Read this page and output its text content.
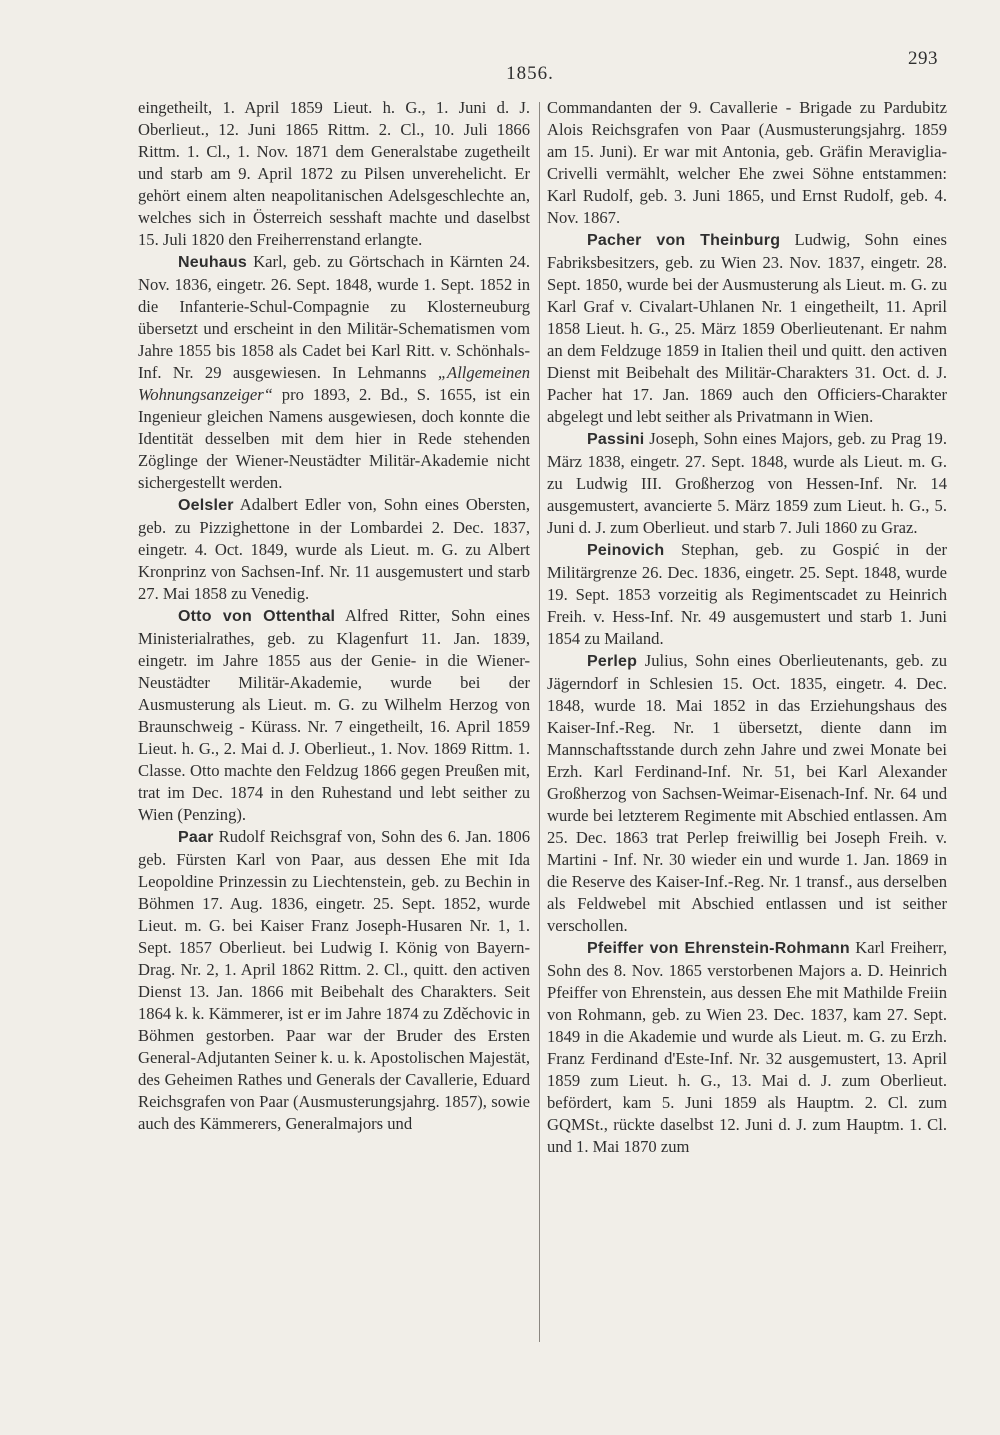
293
1856.

eingetheilt, 1. April 1859 Lieut. h. G., 1. Juni d. J. Oberlieut., 12. Juni 1865 Rittm. 2. Cl., 10. Juli 1866 Rittm. 1. Cl., 1. Nov. 1871 dem Generalstabe zugetheilt und starb am 9. April 1872 zu Pilsen unverehelicht. Er gehört einem alten neapolitanischen Adelsgeschlechte an, welches sich in Österreich sesshaft machte und daselbst 15. Juli 1820 den Freiherrenstand erlangte.

Neuhaus Karl, geb. zu Görtschach in Kärnten 24. Nov. 1836, eingetr. 26. Sept. 1848, wurde 1. Sept. 1852 in die Infanterie-Schul-Compagnie zu Klosterneuburg übersetzt und erscheint in den Militär-Schematismen vom Jahre 1855 bis 1858 als Cadet bei Karl Ritt. v. Schönhals-Inf. Nr. 29 ausgewiesen. In Lehmanns „Allgemeinen Wohnungsanzeiger“ pro 1893, 2. Bd., S. 1655, ist ein Ingenieur gleichen Namens ausgewiesen, doch konnte die Identität desselben mit dem hier in Rede stehenden Zöglinge der Wiener-Neustädter Militär-Akademie nicht sichergestellt werden.

Oelsler Adalbert Edler von, Sohn eines Obersten, geb. zu Pizzighettone in der Lombardei 2. Dec. 1837, eingetr. 4. Oct. 1849, wurde als Lieut. m. G. zu Albert Kronprinz von Sachsen-Inf. Nr. 11 ausgemustert und starb 27. Mai 1858 zu Venedig.

Otto von Ottenthal Alfred Ritter, Sohn eines Ministerialrathes, geb. zu Klagenfurt 11. Jan. 1839, eingetr. im Jahre 1855 aus der Genie- in die Wiener-Neustädter Militär-Akademie, wurde bei der Ausmusterung als Lieut. m. G. zu Wilhelm Herzog von Braunschweig - Kürass. Nr. 7 eingetheilt, 16. April 1859 Lieut. h. G., 2. Mai d. J. Oberlieut., 1. Nov. 1869 Rittm. 1. Classe. Otto machte den Feldzug 1866 gegen Preußen mit, trat im Dec. 1874 in den Ruhestand und lebt seither zu Wien (Penzing).

Paar Rudolf Reichsgraf von, Sohn des 6. Jan. 1806 geb. Fürsten Karl von Paar, aus dessen Ehe mit Ida Leopoldine Prinzessin zu Liechtenstein, geb. zu Bechin in Böhmen 17. Aug. 1836, eingetr. 25. Sept. 1852, wurde Lieut. m. G. bei Kaiser Franz Joseph-Husaren Nr. 1, 1. Sept. 1857 Oberlieut. bei Ludwig I. König von Bayern-Drag. Nr. 2, 1. April 1862 Rittm. 2. Cl., quitt. den activen Dienst 13. Jan. 1866 mit Beibehalt des Charakters. Seit 1864 k. k. Kämmerer, ist er im Jahre 1874 zu Zděchovic in Böhmen gestorben. Paar war der Bruder des Ersten General-Adjutanten Seiner k. u. k. Apostolischen Majestät, des Geheimen Rathes und Generals der Cavallerie, Eduard Reichsgrafen von Paar (Ausmusterungsjahrg. 1857), sowie auch des Kämmerers, Generalmajors und

Commandanten der 9. Cavallerie - Brigade zu Pardubitz Alois Reichsgrafen von Paar (Ausmusterungsjahrg. 1859 am 15. Juni). Er war mit Antonia, geb. Gräfin Meraviglia-Crivelli vermählt, welcher Ehe zwei Söhne entstammen: Karl Rudolf, geb. 3. Juni 1865, und Ernst Rudolf, geb. 4. Nov. 1867.

Pacher von Theinburg Ludwig, Sohn eines Fabriksbesitzers, geb. zu Wien 23. Nov. 1837, eingetr. 28. Sept. 1850, wurde bei der Ausmusterung als Lieut. m. G. zu Karl Graf v. Civalart-Uhlanen Nr. 1 eingetheilt, 11. April 1858 Lieut. h. G., 25. März 1859 Oberlieutenant. Er nahm an dem Feldzuge 1859 in Italien theil und quitt. den activen Dienst mit Beibehalt des Militär-Charakters 31. Oct. d. J. Pacher hat 17. Jan. 1869 auch den Officiers-Charakter abgelegt und lebt seither als Privatmann in Wien.

Passini Joseph, Sohn eines Majors, geb. zu Prag 19. März 1838, eingetr. 27. Sept. 1848, wurde als Lieut. m. G. zu Ludwig III. Großherzog von Hessen-Inf. Nr. 14 ausgemustert, avancierte 5. März 1859 zum Lieut. h. G., 5. Juni d. J. zum Oberlieut. und starb 7. Juli 1860 zu Graz.

Peinovich Stephan, geb. zu Gospić in der Militärgrenze 26. Dec. 1836, eingetr. 25. Sept. 1848, wurde 19. Sept. 1853 vorzeitig als Regimentscadet zu Heinrich Freih. v. Hess-Inf. Nr. 49 ausgemustert und starb 1. Juni 1854 zu Mailand.

Perlep Julius, Sohn eines Oberlieutenants, geb. zu Jägerndorf in Schlesien 15. Oct. 1835, eingetr. 4. Dec. 1848, wurde 18. Mai 1852 in das Erziehungshaus des Kaiser-Inf.-Reg. Nr. 1 übersetzt, diente dann im Mannschaftsstande durch zehn Jahre und zwei Monate bei Erzh. Karl Ferdinand-Inf. Nr. 51, bei Karl Alexander Großherzog von Sachsen-Weimar-Eisenach-Inf. Nr. 64 und wurde bei letzterem Regimente mit Abschied entlassen. Am 25. Dec. 1863 trat Perlep freiwillig bei Joseph Freih. v. Martini - Inf. Nr. 30 wieder ein und wurde 1. Jan. 1869 in die Reserve des Kaiser-Inf.-Reg. Nr. 1 transf., aus derselben als Feldwebel mit Abschied entlassen und ist seither verschollen.

Pfeiffer von Ehrenstein-Rohmann Karl Freiherr, Sohn des 8. Nov. 1865 verstorbenen Majors a. D. Heinrich Pfeiffer von Ehrenstein, aus dessen Ehe mit Mathilde Freiin von Rohmann, geb. zu Wien 23. Dec. 1837, kam 27. Sept. 1849 in die Akademie und wurde als Lieut. m. G. zu Erzh. Franz Ferdinand d'Este-Inf. Nr. 32 ausgemustert, 13. April 1859 zum Lieut. h. G., 13. Mai d. J. zum Oberlieut. befördert, kam 5. Juni 1859 als Hauptm. 2. Cl. zum GQMSt., rückte daselbst 12. Juni d. J. zum Hauptm. 1. Cl. und 1. Mai 1870 zum
